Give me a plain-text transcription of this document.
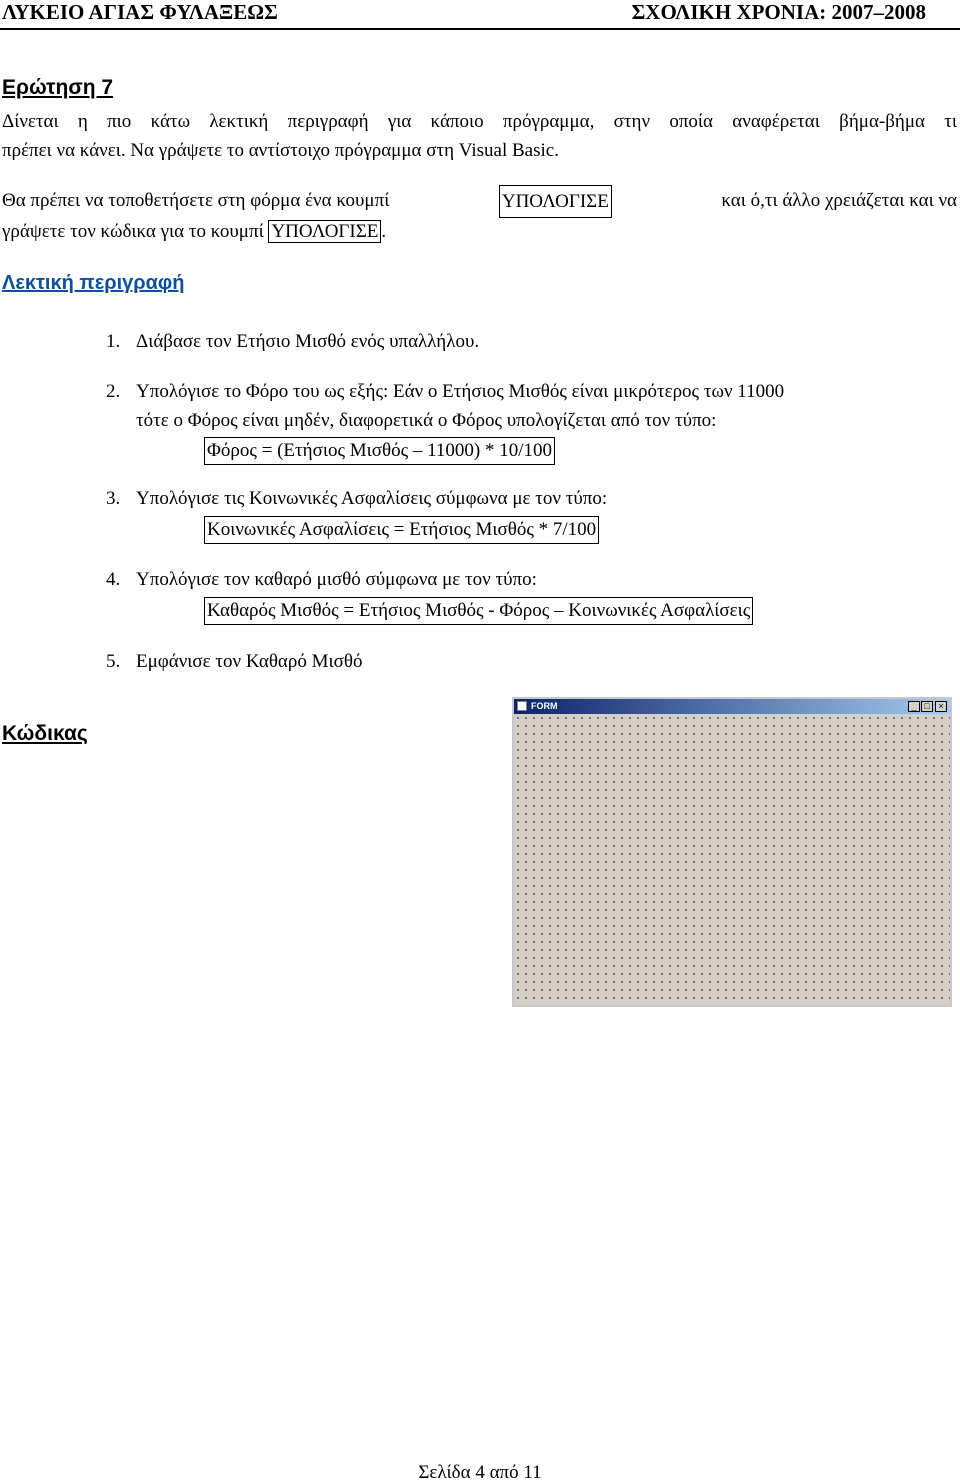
ΛΥΚΕΙΟ ΑΓΙΑΣ ΦΥΛΑΞΕΩΣ	ΣΧΟΛΙΚΗ ΧΡΟΝΙΑ: 2007–2008
Ερώτηση 7
Δίνεται η πιο κάτω λεκτική περιγραφή για κάποιο πρόγραμμα, στην οποία αναφέρεται βήμα-βήμα τι
πρέπει να κάνει. Να γράψετε το αντίστοιχο πρόγραμμα στη Visual Basic.
Θα πρέπει να τοποθετήσετε στη φόρμα ένα κουμπί	ΥΠΟΛΟΓΙΣΕ	και ό,τι άλλο χρειάζεται και να
γράψετε τον κώδικα για το κουμπί ΥΠΟΛΟΓΙΣΕ .
Λεκτική περιγραφή
1. Διάβασε τον Ετήσιο Μισθό ενός υπαλλήλου.
2. Υπολόγισε το Φόρο του ως εξής: Εάν ο Ετήσιος Μισθός είναι μικρότερος των 11000
τότε ο Φόρος είναι μηδέν, διαφορετικά ο Φόρος υπολογίζεται από τον τύπο:
Φόρος = (Ετήσιος Μισθός – 11000) * 10/100
3. Υπολόγισε τις Κοινωνικές Ασφαλίσεις σύμφωνα με τον τύπο:
Κοινωνικές Ασφαλίσεις = Ετήσιος Μισθός * 7/100
4. Υπολόγισε τον καθαρό μισθό σύμφωνα με τον τύπο:
Καθαρός Μισθός = Ετήσιος Μισθός - Φόρος – Κοινωνικές Ασφαλίσεις
5. Εμφάνισε τον Καθαρό Μισθό
Κώδικας
FORM	_ □ ×
Σελίδα 4 από 11
